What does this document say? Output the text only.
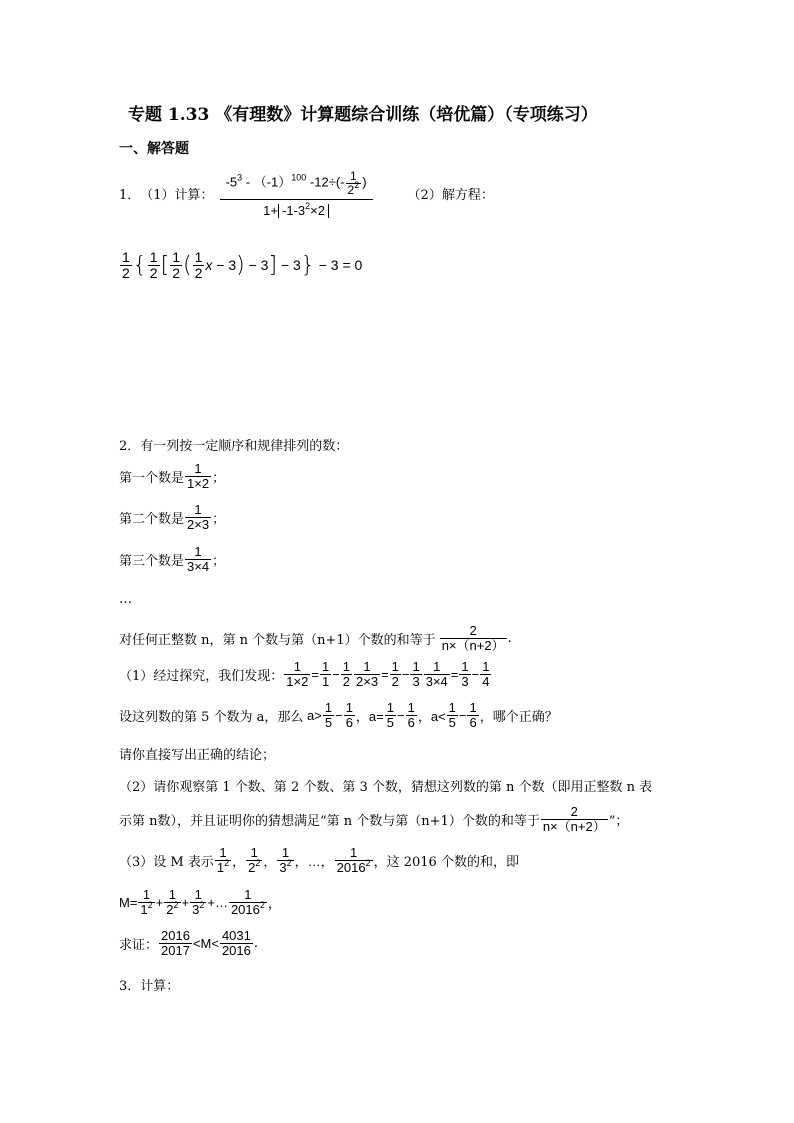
专题 1.33 《有理数》计算题综合训练（培优篇）（专项练习）
一、解答题
1． （1）计算： $\frac{-5^3 - (-1)^{100} -12\div(- \frac{1}{2^2} )}{1+ -1-3^2\times 2}$	（2）解方程：
$\frac{1}{2}$ { $\frac{1}{2}$ [ $\frac{1}{2}$ ( $\frac{1}{2}$ x − 3 ) − 3 ] − 3 } − 3 = 0
2．有一列按一定顺序和规律排列的数：
第一个数是 $\frac{1}{1\times 2}$ ；
第二个数是 $\frac{1}{2\times 3}$ ；
第三个数是 $\frac{1}{3\times 4}$ ；
…
对任何正整数 n，第 n 个数与第（n+1）个数的和等于 $\frac{2}{n\times(n+2)}$ .
（1）经过探究，我们发现： $\frac{1}{1\times 2} = \frac{1}{1} - \frac{1}{2} \frac{1}{2\times 3} = \frac{1}{2} - \frac{1}{3} \frac{1}{3\times 4} = \frac{1}{3} - \frac{1}{4}$
设这列数的第 5 个数为 a，那么 $a> \frac{1}{5} - \frac{1}{6}$ ，$a= \frac{1}{5} - \frac{1}{6}$ ，$a< \frac{1}{5} - \frac{1}{6}$ ，哪个正确？
请你直接写出正确的结论；
（2）请你观察第 1 个数、第 2 个数、第 3 个数，猜想这列数的第 n 个数（即用正整数 n 表
示第 n数），并且证明你的猜想满足“第 n 个数与第（n+1）个数的和等于 $\frac{2}{n\times(n+2)}$ ”；
（3）设 M 表示 $\frac{1}{1^2}$ ， $\frac{1}{2^2}$ ， $\frac{1}{3^2}$ ，…， $\frac{1}{2016^2}$ ，这 2016 个数的和，即
$M= \frac{1}{1^2} + \frac{1}{2^2} + \frac{1}{3^2}$ +… $\frac{1}{2016^2}$ ，
求证： $\frac{2016}{2017} <M< \frac{4031}{2016}$ .
3．计算：
